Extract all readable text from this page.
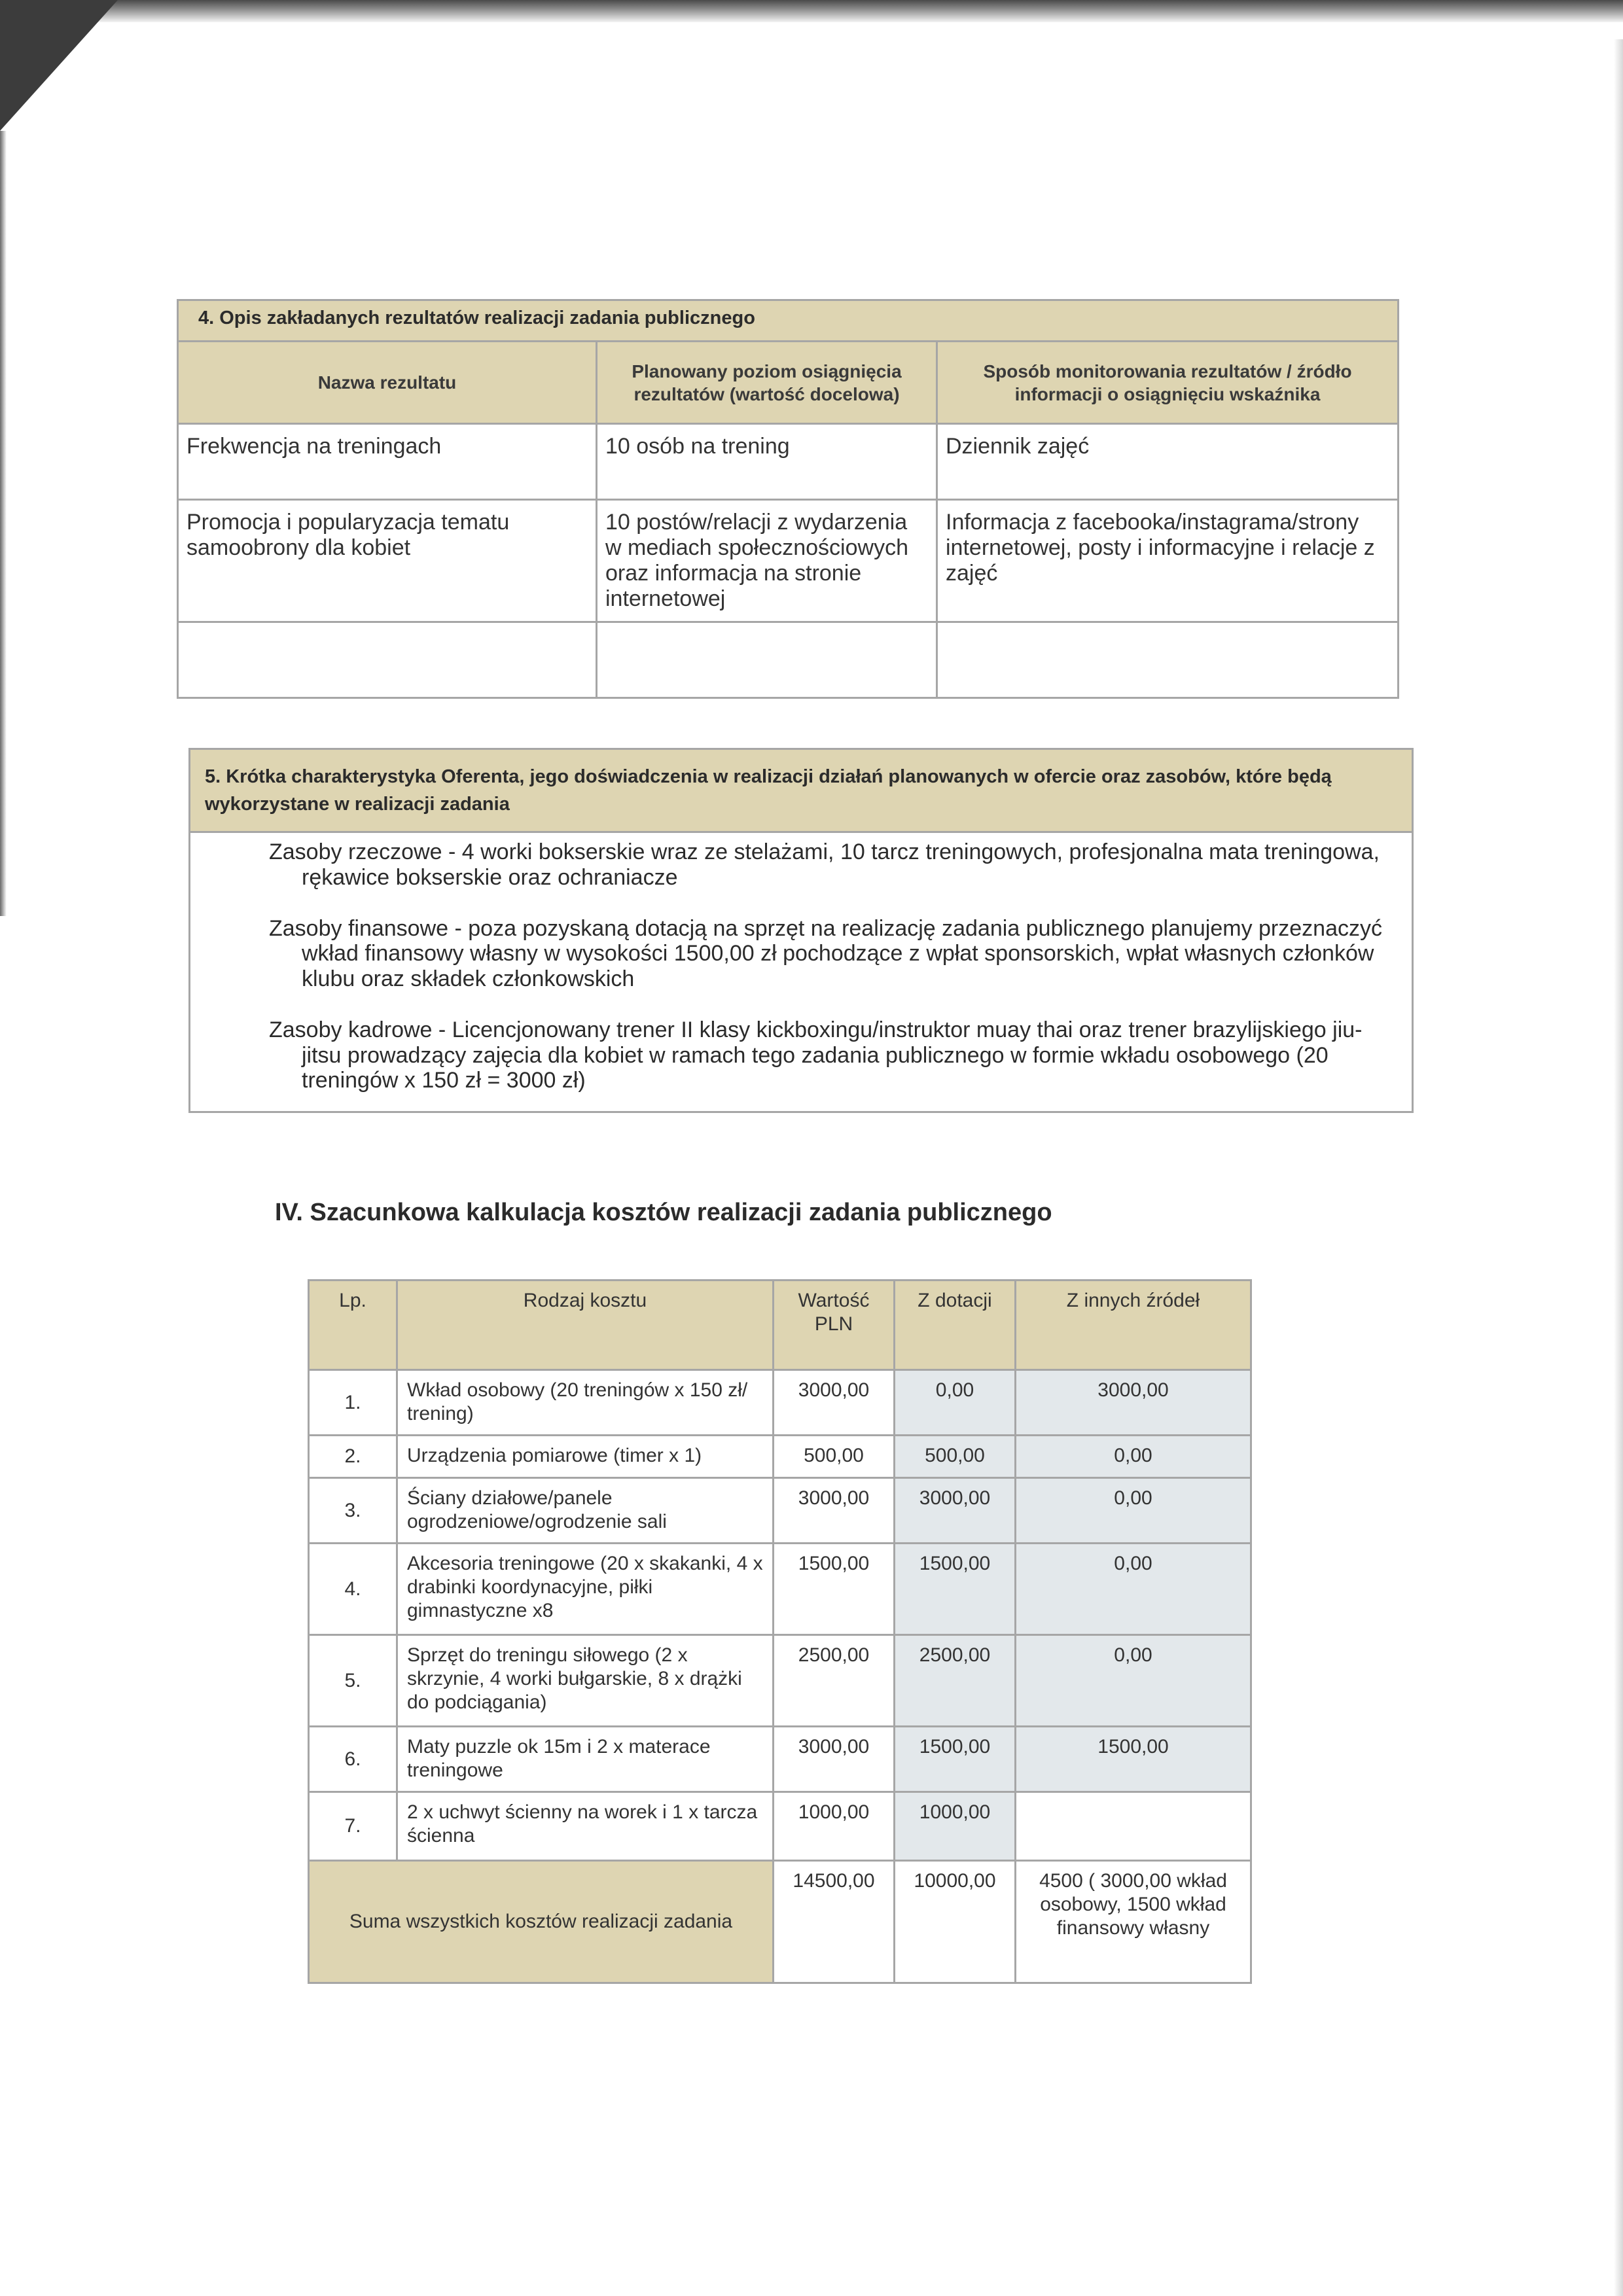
4. Opis zakładanych rezultatów realizacji zadania publicznego		
Nazwa rezultatu	Planowany poziom osiągnięcia rezultatów (wartość docelowa)	Sposób monitorowania rezultatów / źródło informacji o osiągnięciu wskaźnika
Frekwencja na treningach	10 osób na trening	Dziennik zajęć
Promocja i popularyzacja tematu samoobrony dla kobiet	10 postów/relacji z wydarzenia w mediach społecznościowych oraz informacja na stronie internetowej	Informacja z facebooka/instagrama/strony internetowej, posty i informacyjne i relacje z zajęć

5. Krótka charakterystyka Oferenta, jego doświadczenia w realizacji działań planowanych w ofercie oraz zasobów, które będą wykorzystane w realizacji zadania

Zasoby rzeczowe - 4 worki bokserskie wraz ze stelażami, 10 tarcz treningowych, profesjonalna mata treningowa, rękawice bokserskie oraz ochraniacze
Zasoby finansowe - poza pozyskaną dotacją na sprzęt na realizację zadania publicznego planujemy przeznaczyć wkład finansowy własny w wysokości 1500,00 zł pochodzące z wpłat sponsorskich, wpłat własnych członków klubu oraz składek członkowskich
Zasoby kadrowe - Licencjonowany trener II klasy kickboxingu/instruktor muay thai oraz trener brazylijskiego jiu-jitsu prowadzący zajęcia dla kobiet w ramach tego zadania publicznego w formie wkładu osobowego (20 treningów x 150 zł = 3000 zł)
IV. Szacunkowa kalkulacja kosztów realizacji zadania publicznego
Lp.	Rodzaj kosztu	Wartość PLN	Z dotacji	Z innych źródeł
1.	Wkład osobowy (20 treningów x 150 zł/ trening)	3000,00	0,00	3000,00
2.	Urządzenia pomiarowe (timer x 1)	500,00	500,00	0,00
3.	Ściany działowe/panele ogrodzeniowe/ogrodzenie sali	3000,00	3000,00	0,00
4.	Akcesoria treningowe (20 x skakanki, 4 x drabinki koordynacyjne, piłki gimnastyczne x8	1500,00	1500,00	0,00
5.	Sprzęt do treningu siłowego (2 x skrzynie, 4 worki bułgarskie, 8 x drążki do podciągania)	2500,00	2500,00	0,00
6.	Maty puzzle ok 15m i 2 x materace treningowe	3000,00	1500,00	1500,00
7.	2 x uchwyt ścienny na worek i 1 x tarcza ścienna	1000,00	1000,00	
Suma wszystkich kosztów realizacji zadania		14500,00	10000,00	4500 ( 3000,00 wkład osobowy, 1500 wkład finansowy własny
